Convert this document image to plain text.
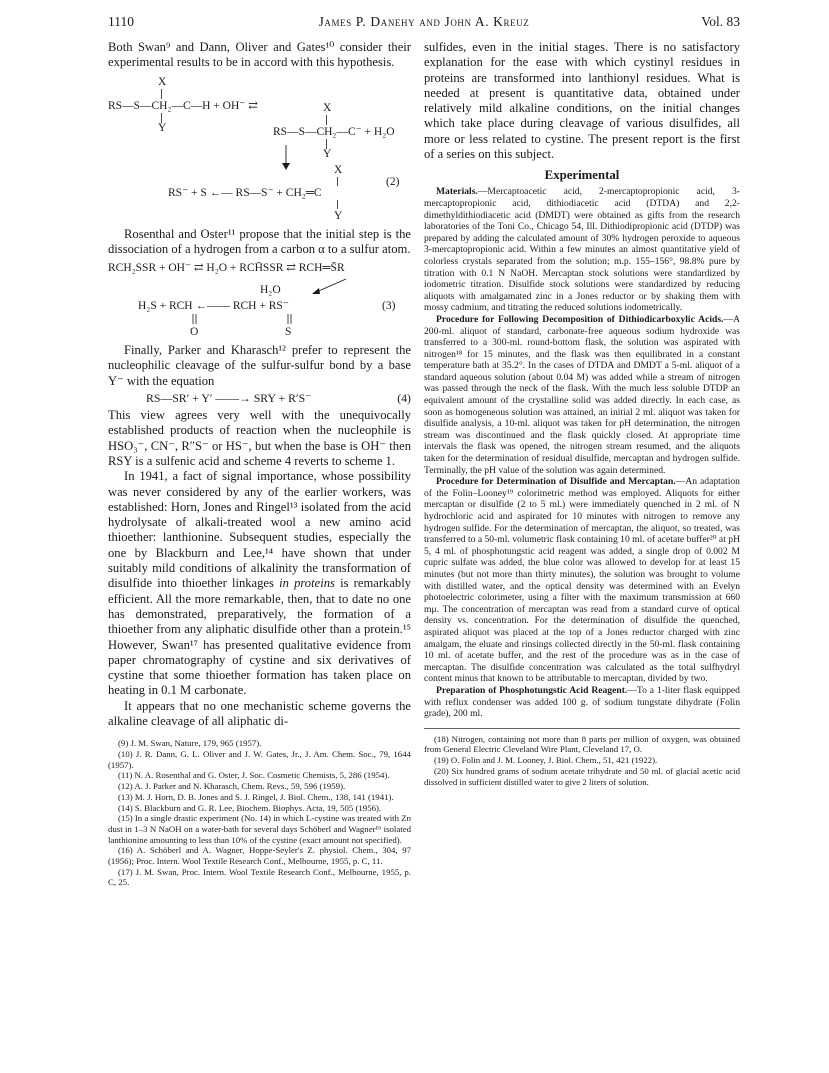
1110	James P. Danehy and John A. Kreuz	Vol. 83

Both Swan⁹ and Dann, Oliver and Gates¹⁰ consider their experimental results to be in accord with this hypothesis.

X
RS—S—CH₂—C—H + OH⁻ ⇄
Y
X
RS—S—CH₂—C⁻ + H₂O
Y
X
RS⁻ + S ←— RS—S⁻ + CH₂═C
Y
(2)

Rosenthal and Oster¹¹ propose that the initial step is the dissociation of a hydrogen from a carbon α to a sulfur atom.

RCH₂SSR + OH⁻ ⇄ H₂O + RCH̄SSR ⇄ RCH═S̄R
H₂O
H₂S + RCH ←—— RCH + RS⁻	(3)
O	S

Finally, Parker and Kharasch¹² prefer to represent the nucleophilic cleavage of the sulfur-sulfur bond by a base Y⁻ with the equation

RS—SR′ + Y′ ——→ SRY + R′S⁻	(4)

This view agrees very well with the unequivocally established products of reaction when the nucleophile is HSO₃⁻, CN⁻, R″S⁻ or HS⁻, but when the base is OH⁻ then RSY is a sulfenic acid and scheme 4 reverts to scheme 1.

In 1941, a fact of signal importance, whose possibility was never considered by any of the earlier workers, was established: Horn, Jones and Ringel¹³ isolated from the acid hydrolysate of alkali-treated wool a new amino acid thioether: lanthionine. Subsequent studies, especially the one by Blackburn and Lee,¹⁴ have shown that under suitably mild conditions of alkalinity the transformation of disulfide into thioether linkages in proteins is remarkably efficient. All the more remarkable, then, that to date no one has demonstrated, preparatively, the formation of a thioether from any aliphatic disulfide other than a protein.¹⁵ However, Swan¹⁷ has presented qualitative evidence from paper chromatography of cystine and six derivatives of cystine that some thioether formation has taken place on heating in 0.1 M carbonate.

It appears that no one mechanistic scheme governs the alkaline cleavage of all aliphatic di-

(9) J. M. Swan, Nature, 179, 965 (1957).

(10) J. R. Dann, G. L. Oliver and J. W. Gates, Jr., J. Am. Chem. Soc., 79, 1644 (1957).

(11) N. A. Rosenthal and G. Oster, J. Soc. Cosmetic Chemists, 5, 286 (1954).

(12) A. J. Parker and N. Kharasch, Chem. Revs., 59, 596 (1959).

(13) M. J. Horn, D. B. Jones and S. J. Ringel, J. Biol. Chem., 138, 141 (1941).

(14) S. Blackburn and G. R. Lee, Biochem. Biophys. Acta, 19, 505 (1956).

(15) In a single drastic experiment (No. 14) in which L-cystine was treated with Zn dust in 1–3 N NaOH on a water-bath for several days Schöberl and Wagner¹⁶ isolated lanthionine amounting to less than 10% of the cystine (exact amount not specified).

(16) A. Schöberl and A. Wagner, Hoppe-Seyler's Z. physiol. Chem., 304, 97 (1956); Proc. Intern. Wool Textile Research Conf., Melbourne, 1955, p. C, 11.

(17) J. M. Swan, Proc. Intern. Wool Textile Research Conf., Melbourne, 1955, p. C, 25.

sulfides, even in the initial stages. There is no satisfactory explanation for the ease with which cystinyl residues in proteins are transformed into lanthionyl residues. What is needed at present is quantitative data, obtained under relatively mild alkaline conditions, on the initial changes which take place during cleavage of various disulfides, all more or less related to cystine. The present report is the first of a series on this subject.

Experimental

Materials.—Mercaptoacetic acid, 2-mercaptopropionic acid, 3-mercaptopropionic acid, dithiodiacetic acid (DTDA) and 2,2-dimethyldithiodiacetic acid (DMDT) were obtained as gifts from the research laboratories of the Toni Co., Chicago 54, Ill. Dithiodipropionic acid (DTDP) was prepared by adding the calculated amount of 30% hydrogen peroxide to aqueous 3-mercaptopropionic acid. Within a few minutes an almost quantitative yield of colorless crystals separated from the solution; m.p. 155–156°, 98.8% pure by titration with 0.1 N NaOH. Mercaptan stock solutions were standardized by iodometric titration. Disulfide stock solutions were standardized by reducing aliquots with amalgamated zinc in a Jones reductor or by shaking them with mossy cadmium, and titrating the reduced solutions iodometrically.

Procedure for Following Decomposition of Dithiodicarboxylic Acids.—A 200-ml. aliquot of standard, carbonate-free aqueous sodium hydroxide was transferred to a 300-ml. round-bottom flask, the solution was aspirated with nitrogen¹⁸ for 15 minutes, and the flask was then equilibrated in a constant temperature bath at 35.2°. In the cases of DTDA and DMDT a 5-ml. aliquot of a standard aqueous solution (about 0.04 M) was added while a stream of nitrogen was passed through the neck of the flask. With the much less soluble DTDP an equivalent amount of the crystalline solid was added directly. In each case, as soon as homogeneous solution was attained, an initial 2 ml. aliquot was taken for disulfide analysis, a 10-ml. aliquot was taken for pH determination, the nitrogen stream was discontinued and the flask quickly closed. At appropriate time intervals the flask was opened, the nitrogen stream resumed, and the aliquots taken for the determination of residual disulfide, mercaptan and hydrogen sulfide. Terminally, the pH value of the solution was again determined.

Procedure for Determination of Disulfide and Mercaptan.—An adaptation of the Folin–Looney¹⁹ colorimetric method was employed. Aliquots for either mercaptan or disulfide (2 to 5 ml.) were immediately quenched in 2 ml. of N hydrochloric acid and aspirated for 10 minutes with nitrogen to remove any hydrogen sulfide. For the determination of mercaptan, the aliquot, so treated, was transferred to a 50-ml. volumetric flask containing 10 ml. of acetate buffer²⁰ at pH 5, 4 ml. of phosphotungstic acid reagent was added, a single drop of 0.002 M cupric sulfate was added, the blue color was allowed to develop for at least 15 minutes (but not more than thirty minutes), the solution was brought to volume with distilled water, and the optical density was determined with an Evelyn photoelectric colorimeter, using a filter with the maximum transmission at 660 mμ. The concentration of mercaptan was read from a standard curve of optical density vs. concentration. For the determination of disulfide the quenched, aspirated aliquot was placed at the top of a Jones reductor charged with zinc amalgam, the eluate and rinsings collected directly in the 50-ml. flask containing 10 ml. of acetate buffer, and the rest of the procedure was as in the case of mercaptan. The disulfide concentration was calculated as the total sulfhydryl content minus that known to be attributable to mercaptan, divided by two.

Preparation of Phosphotungstic Acid Reagent.—To a 1-liter flask equipped with reflux condenser was added 100 g. of sodium tungstate dihydrate (Folin grade), 200 ml.

(18) Nitrogen, containing not more than 8 parts per million of oxygen, was obtained from General Electric Cleveland Wire Plant, Cleveland 17, O.

(19) O. Folin and J. M. Looney, J. Biol. Chem., 51, 421 (1922).

(20) Six hundred grams of sodium acetate trihydrate and 50 ml. of glacial acetic acid dissolved in sufficient distilled water to give 2 liters of solution.
